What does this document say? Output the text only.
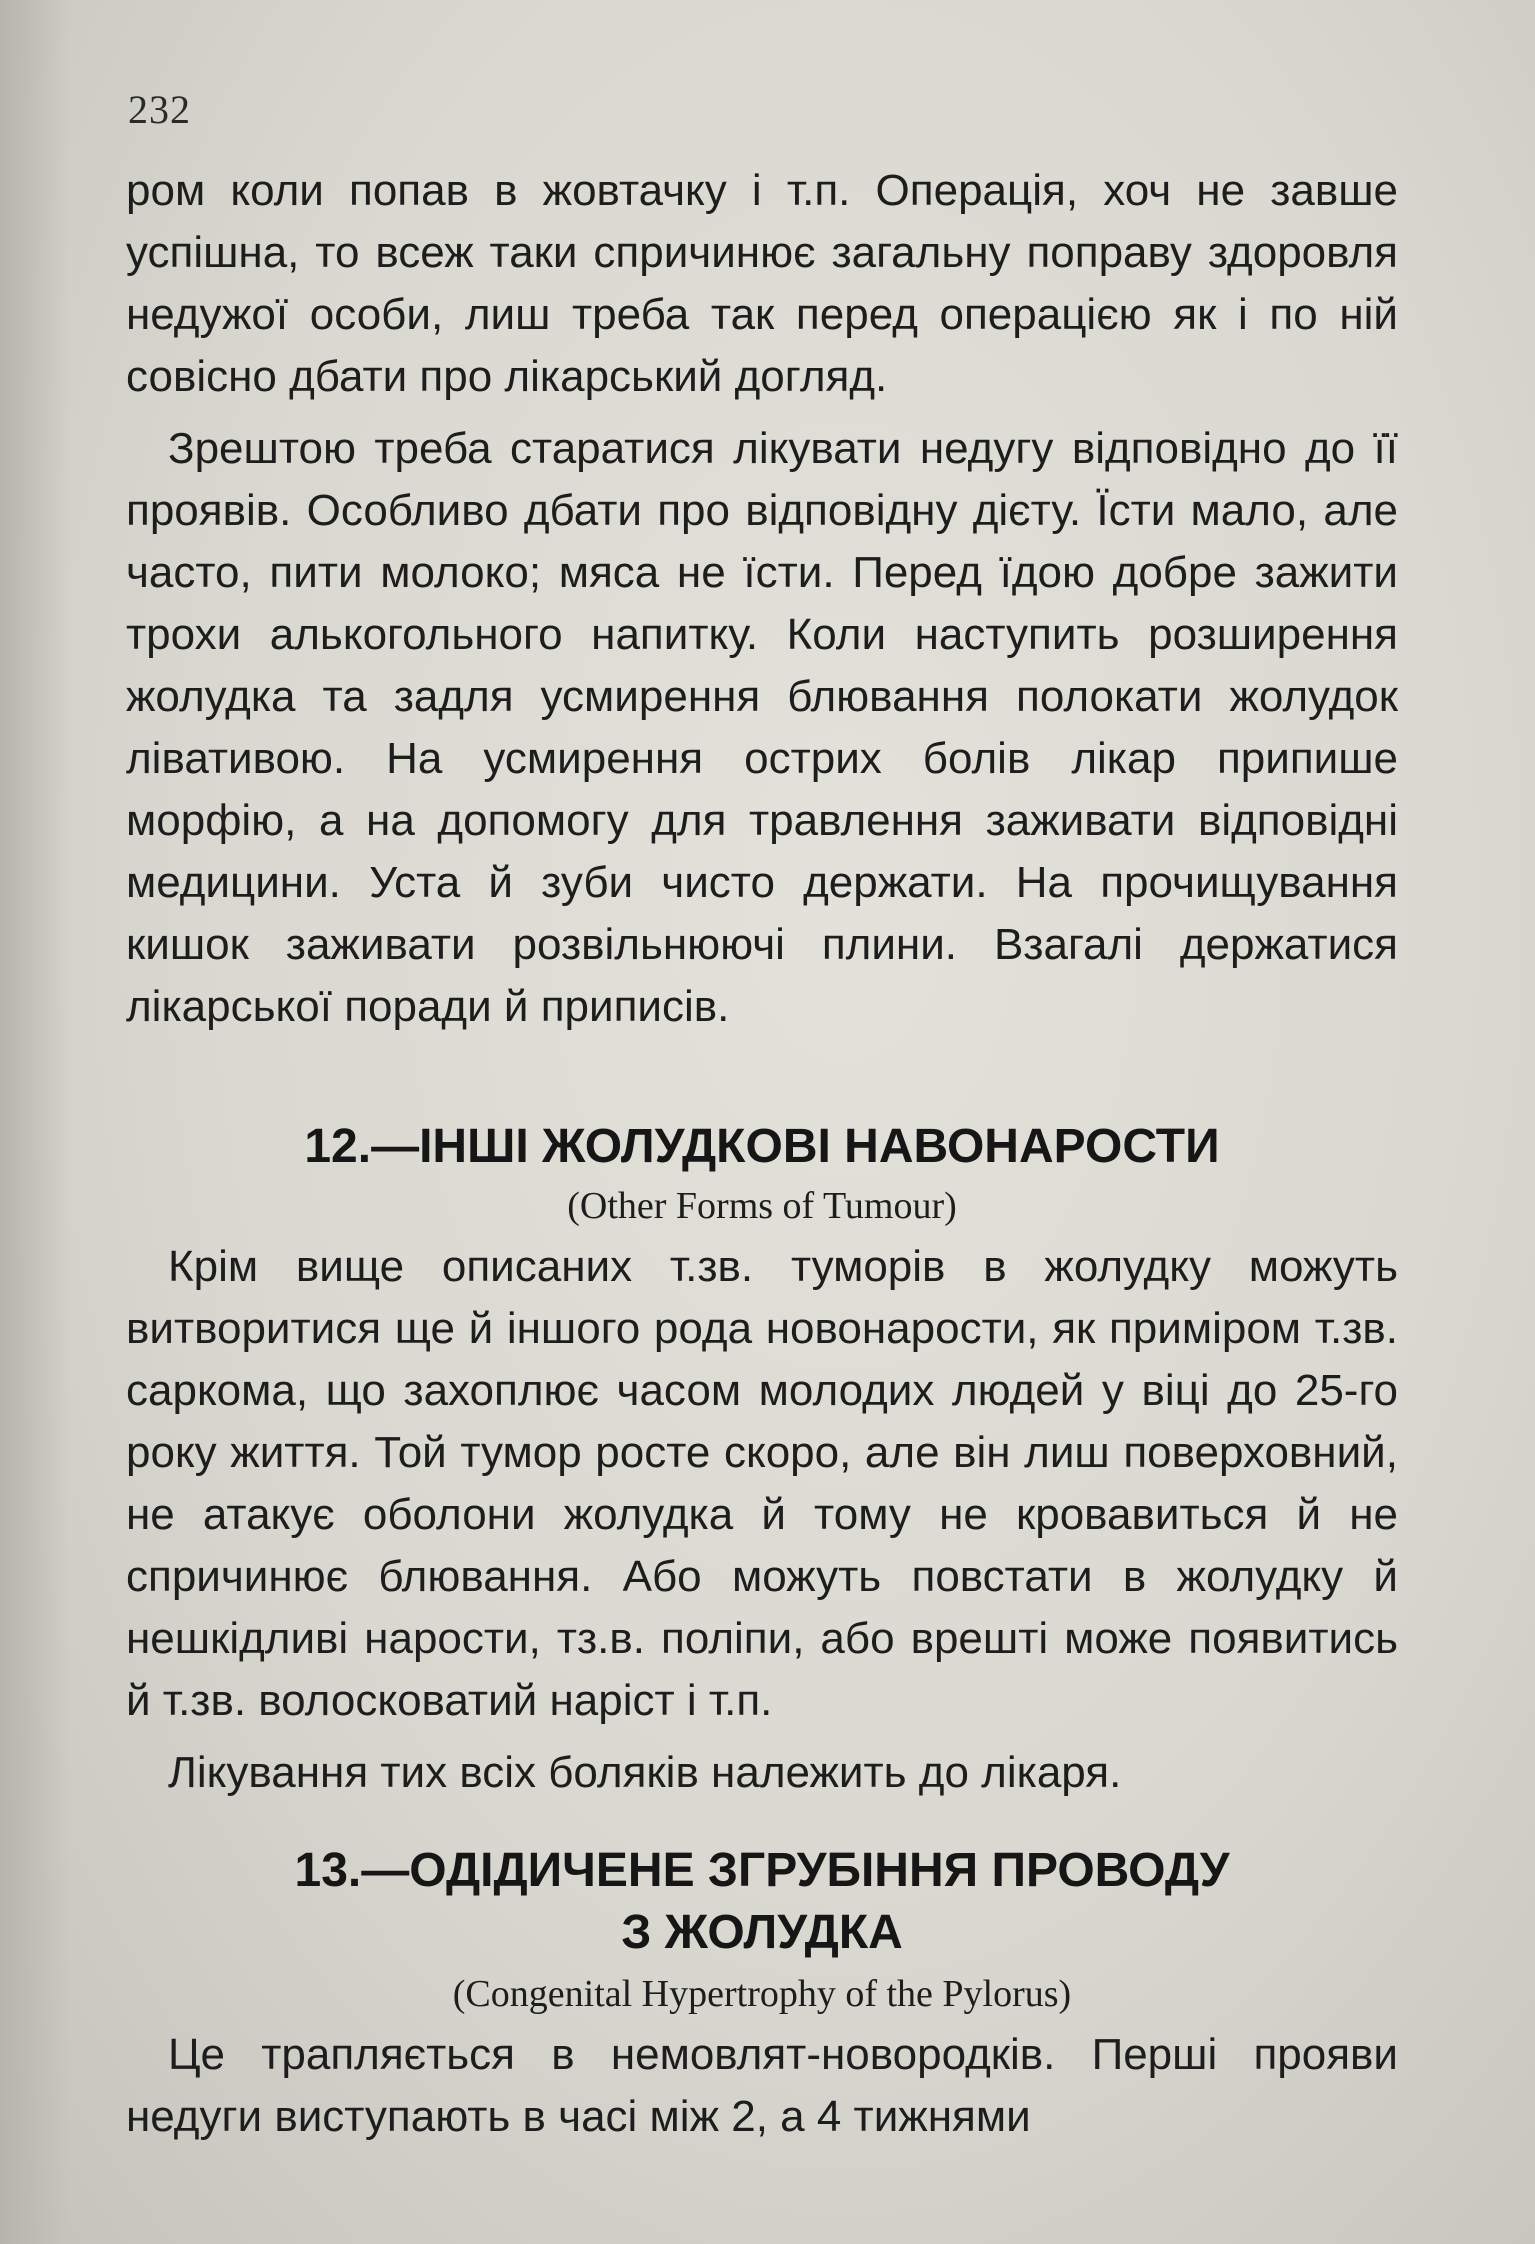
232

ром коли попав в жовтачку і т.п. Операція, хоч не завше успішна, то всеж таки спричинює загальну поправу здоровля недужої особи, лиш треба так перед операцією як і по ній совісно дбати про лікарський догляд.

Зрештою треба старатися лікувати недугу відповідно до її проявів. Особливо дбати про відповідну дієту. Їсти мало, але часто, пити молоко; мяса не їсти. Перед їдою добре зажити трохи алькогольного напитку. Коли наступить розширення жолудка та задля усмирення блювання полокати жолудок лівативою. На усмирення острих болів лікар припише морфію, а на допомогу для травлення заживати відповідні медицини. Уста й зуби чисто держати. На прочищування кишок заживати розвільнюючі плини. Взагалі держатися лікарської поради й приписів.

12.—ІНШІ ЖОЛУДКОВІ НАВОНАРОСТИ
(Other Forms of Tumour)

Крім вище описаних т.зв. туморів в жолудку можуть витворитися ще й іншого рода новонарости, як приміром т.зв. саркома, що захоплює часом молодих людей у віці до 25-го року життя. Той тумор росте скоро, але він лиш поверховний, не атакує оболони жолудка й тому не кровавиться й не спричинює блювання. Або можуть повстати в жолудку й нешкідливі нарости, тз.в. поліпи, або врешті може появитись й т.зв. волосковатий наріст і т.п.

Лікування тих всіх боляків належить до лікаря.

13.—ОДІДИЧЕНЕ ЗГРУБІННЯ ПРОВОДУ
З ЖОЛУДКА
(Congenital Hypertrophy of the Pylorus)

Це трапляється в немовлят-новородків. Перші прояви недуги виступають в часі між 2, а 4 тижнями
